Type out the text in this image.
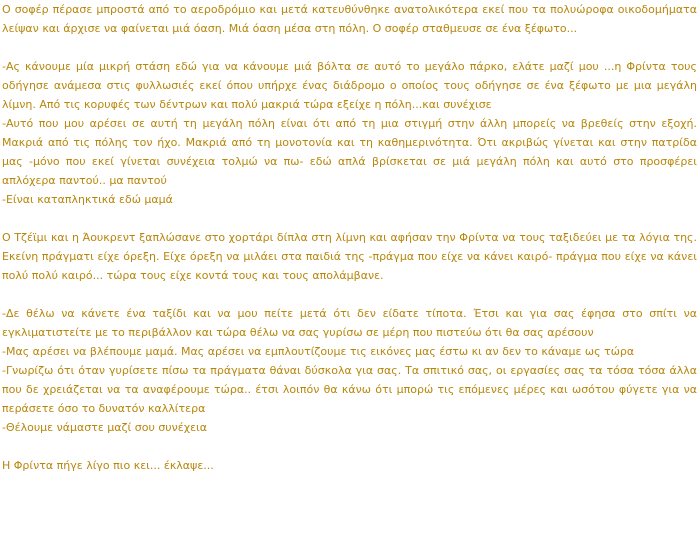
Ο σοφέρ πέρασε μπροστά από το αεροδρόμιο και μετά κατευθύνθηκε ανατολικότερα εκεί που τα πολυώροφα οικοδομήματα λείψαν και άρχισε να φαίνεται μιά όαση. Μιά όαση μέσα στη πόλη. Ο σοφέρ σταθμευσε σε ένα ξέφωτο...

-Ας κάνουμε μία μικρή στάση εδώ για να κάνουμε μιά βόλτα σε αυτό το μεγάλο πάρκο, ελάτε μαζί μου ...η Φρίντα τους οδήγησε ανάμεσα στις φυλλωσιές εκεί όπου υπήρχε ένας διάδρομο ο οποίος τους οδήγησε σε ένα ξέφωτο με μια μεγάλη λίμνη. Από τις κορυφές των δέντρων και πολύ μακριά τώρα εξείχε η πόλη...και συνέχισε
-Αυτό που μου αρέσει σε αυτή τη μεγάλη πόλη είναι ότι από τη μια στιγμή στην άλλη μπορείς να βρεθείς στην εξοχή. Μακριά από τις πόλης τον ήχο. Μακριά από τη μονοτονία και τη καθημερινότητα. Ότι ακριβώς γίνεται και στην πατρίδα μας -μόνο που εκεί γίνεται συνέχεια τολμώ να πω- εδώ απλά βρίσκεται σε μιά μεγάλη πόλη και αυτό στο προσφέρει απλόχερα παντού.. μα παντού
-Είναι καταπληκτικά εδώ μαμά

Ο Τζέϊμι και η Άουκρεντ ξαπλώσανε στο χορτάρι δίπλα στη λίμνη και αφήσαν την Φρίντα να τους ταξιδεύει με τα λόγια της. Εκείνη πράγματι είχε όρεξη. Είχε όρεξη να μιλάει στα παιδιά της -πράγμα που είχε να κάνει καιρό- πράγμα που είχε να κάνει πολύ πολύ καιρό... τώρα τους είχε κοντά τους και τους απολάμβανε.

-Δε θέλω να κάνετε ένα ταξίδι και να μου πείτε μετά ότι δεν είδατε τίποτα. Έτσι και για σας έφησα στο σπίτι να εγκλιματιστείτε με το περιβάλλον και τώρα θέλω να σας γυρίσω σε μέρη που πιστεύω ότι θα σας αρέσουν
-Μας αρέσει να βλέπουμε μαμά. Μας αρέσει να εμπλουτίζουμε τις εικόνες μας έστω κι αν δεν το κάναμε ως τώρα
-Γνωρίζω ότι όταν γυρίσετε πίσω τα πράγματα θάναι δύσκολα για σας. Τα σπιτικό σας, οι εργασίες σας τα τόσα τόσα άλλα που δε χρειάζεται να τα αναφέρουμε τώρα.. έτσι λοιπόν θα κάνω ότι μπορώ τις επόμενες μέρες και ωσότου φύγετε για να περάσετε όσο το δυνατόν καλλίτερα
-Θέλουμε νάμαστε μαζί σου συνέχεια

Η Φρίντα πήγε λίγο πιο κει... έκλαψε...
